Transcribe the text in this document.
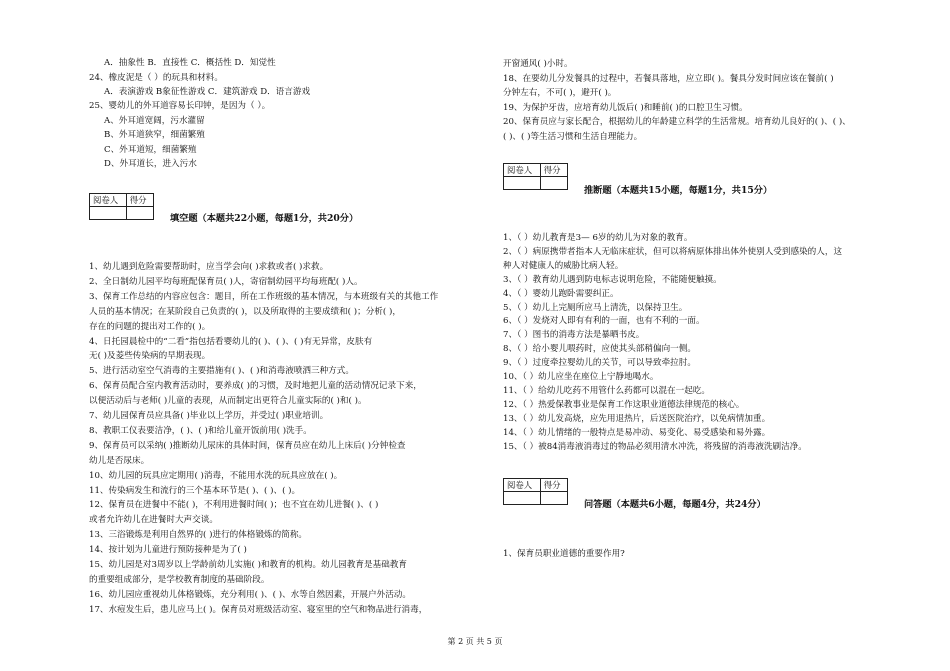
A．抽象性 B．直接性 C．概括性 D．知觉性
24、橡皮泥是（ ）的玩具和材料。
A．表演游戏 B象征性游戏 C．建筑游戏 D．语言游戏
25、婴幼儿的外耳道容易长印钟，是因为（ ）。
A、外耳道宽阔，污水灌留
B、外耳道狭窄，细菌繁殖
C、外耳道短，细菌繁殖
D、外耳道长，进入污水
阅卷人	得分

填空题（本题共22小题，每题1分，共20分）
1、幼儿遇到危险需要帮助时，应当学会向( )求救或者( )求救。
2、全日制幼儿园平均每班配保育员( )人，寄宿制幼园平均每班配( )人。
3、保育工作总结的内容应包含：题目，所在工作班级的基本情况，与本班级有关的其他工作
人员的基本情况；在某阶段自己负责的( )，以及所取得的主要成绩和( )；分析( )，
存在的问题的提出对工作的( )。
4、日托园晨检中的“二看”指包括看婴幼儿的( )、( )、( )有无异常，皮肤有
无( )及菱些传染病的早期表现。
5、进行活动室空气消毒的主要措施有( )、( )和消毒液喷洒三种方式。
6、保育员配合室内教育活动时，要养成( )的习惯，及时地把儿童的活动情况记录下来，
以便活动后与老师( )儿童的表现，从而制定出更符合儿童实际的( )和( )。
7、幼儿园保育员应具备( )毕业以上学历，并受过( )职业培训。
8、教职工仪表要洁净，( )、( )和给儿童开饭前用( )洗手。
9、保育员可以采纳( )推断幼儿尿床的具体时间，保育员应在幼儿上床后( )分钟检查
幼儿是否尿床。
10、幼儿园的玩具应定期用( )消毒，不能用水洗的玩具应放在( )。
11、传染病发生和流行的三个基本环节是( )、( )、( )。
12、保育员在进餐中不能( )，不利用进餐时间( )；也不宜在幼儿进餐( )、( )
或者允许幼儿在进餐时大声交谈。
13、三浴锻炼是利用自然界的( )进行的体格锻炼的简称。
14、按计划为儿童进行预防接种是为了( )
15、幼儿园是对3周岁以上学龄前幼儿实施( )和教育的机构。幼儿园教育是基础教育
的重要组成部分，是学校教育制度的基础阶段。
16、幼儿园应重视幼儿体格锻炼，充分利用( )、( )、水等自然因素，开展户外活动。
17、水痘发生后，患儿应马上( )。保育员对班级活动室、寝室里的空气和物品进行消毒，
开窗通风( )小时。
18、在要幼儿分发餐具的过程中，若餐具落地，应立即( )。餐具分发时间应该在餐前( )
分钟左右，不可( )，避开( )。
19、为保护牙齿，应培育幼儿饭后( )和睡前( )的口腔卫生习惯。
20、保育员应与家长配合，根据幼儿的年龄建立科学的生活常规。培育幼儿良好的( )、( )、
( )、( )等生活习惯和生活自理能力。
阅卷人	得分

推断题（本题共15小题，每题1分，共15分）
1、（ ）幼儿教育是3— 6岁的幼儿为对象的教育。
2、（ ）病原携带者指本人无临床症状，但可以将病原体排出体外使别人受到感染的人，这
种人对健康人的威胁比病人轻。
3、（ ）教育幼儿遇到防电标志说明危险，不能随便触摸。
4、（ ）婴幼儿跑卧需要纠正。
5、（ ）幼儿上完厕所应马上清洗，以保持卫生。
6、（ ）发烧对人即有有利的一面，也有不利的一面。
7、（ ）图书的消毒方法是暴晒书皮。
8、（ ）给小婴儿喂药时，应使其头部稍偏向一侧。
9、（ ）过度牵拉婴幼儿的关节，可以导致牵拉肘。
10、（ ）幼儿应坐在座位上宁静地喝水。
11、（ ）给幼儿吃药不用管什么药都可以混在一起吃。
12、（ ）热爱保教事业是保育工作这职业道德法律规范的核心。
13、（ ）幼儿发高烧，应先用退热片，后送医院治疗，以免病情加重。
14、（ ）幼儿情绪的一般特点是易冲动、易变化、易受感染和易外露。
15、（ ）被84消毒液消毒过的物品必须用清水冲洗，将残留的消毒液洗刷洁净。
阅卷人	得分

问答题（本题共6小题，每题4分，共24分）
1、保育员职业道德的重要作用?
第 2 页 共 5 页
